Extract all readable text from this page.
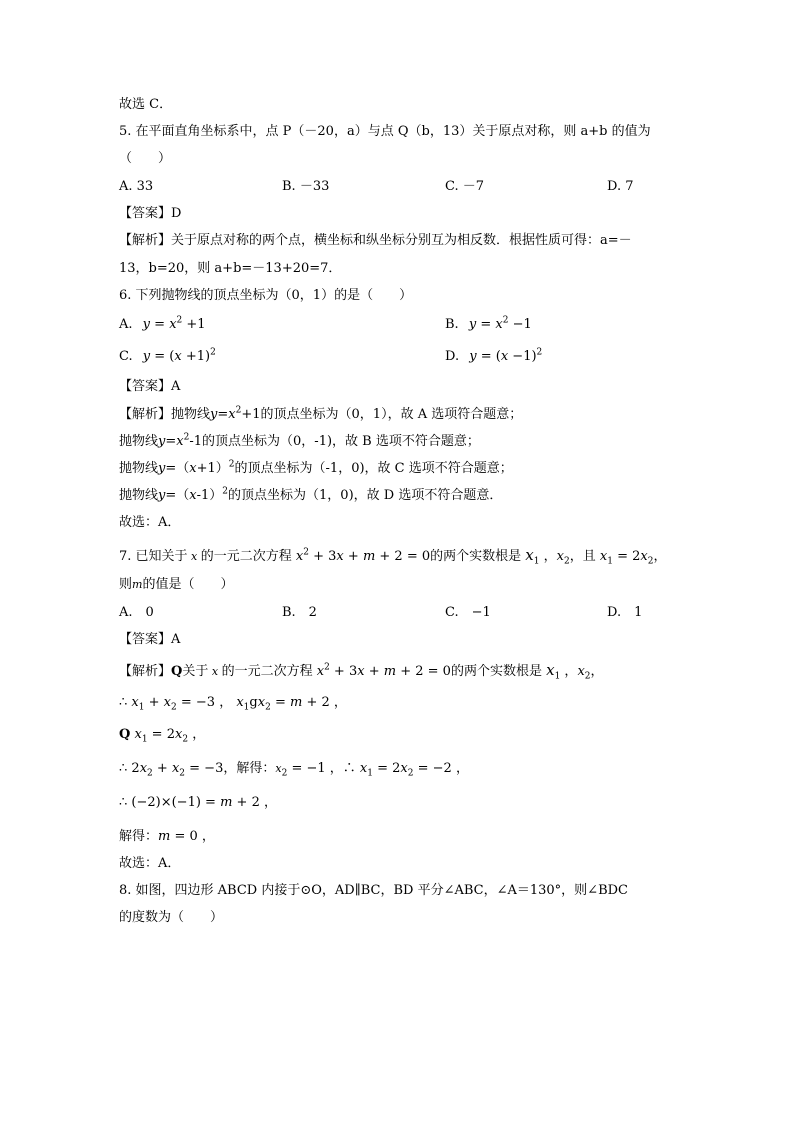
故选 C．
5. 在平面直角坐标系中，点 P（－20，a）与点 Q（b，13）关于原点对称，则 a+b 的值为
（　　）
A. 33	B. －33	C. －7	D. 7
【答案】D
【解析】关于原点对称的两个点，横坐标和纵坐标分别互为相反数．根据性质可得：a=－
13，b=20，则 a+b=－13+20=7．
6. 下列抛物线的顶点坐标为（0，1）的是（　　）
A. $y = x^2 +1$	B. $y = x^2 -1$
C. $y = (x +1)^2$	D. $y = (x -1)^2$
【答案】A
【解析】抛物线$y=x^2+1$的顶点坐标为（0，1），故 A 选项符合题意；
抛物线$y=x^2-1$的顶点坐标为（0，-1)，故 B 选项不符合题意；
抛物线$y=(x+1)^2$的顶点坐标为（-1，0)，故 C 选项不符合题意；
抛物线$y=(x-1)^2$的顶点坐标为（1，0)，故 D 选项不符合题意．
故选：A．
7. 已知关于 x 的一元二次方程 $x^2 + 3x + m + 2 = 0$的两个实数根是 $x_1$ ，$x_2$，且 $x_1 = 2x_2$，
则m的值是（　　）
A.　0	B.　2	C.　−1	D.　1
【答案】A
【解析】Q关于 x 的一元二次方程 $x^2 + 3x + m + 2 = 0$的两个实数根是 $x_1$ ，$x_2$，
∴ $x_1 + x_2 = -3$ ， $x_1gx_2 = m + 2$ ，
Q $x_1 = 2x_2$ ，
∴ $2x_2 + x_2 = -3$，解得：$x_2 = -1$ ，∴ $x_1 = 2x_2 = -2$ ，
∴ (−2)×(−1) = m + 2 ，
解得：m = 0 ，
故选：A．
8. 如图，四边形 ABCD 内接于⊙O，AD∥BC，BD 平分∠ABC，∠A＝130°，则∠BDC
的度数为（　　）
